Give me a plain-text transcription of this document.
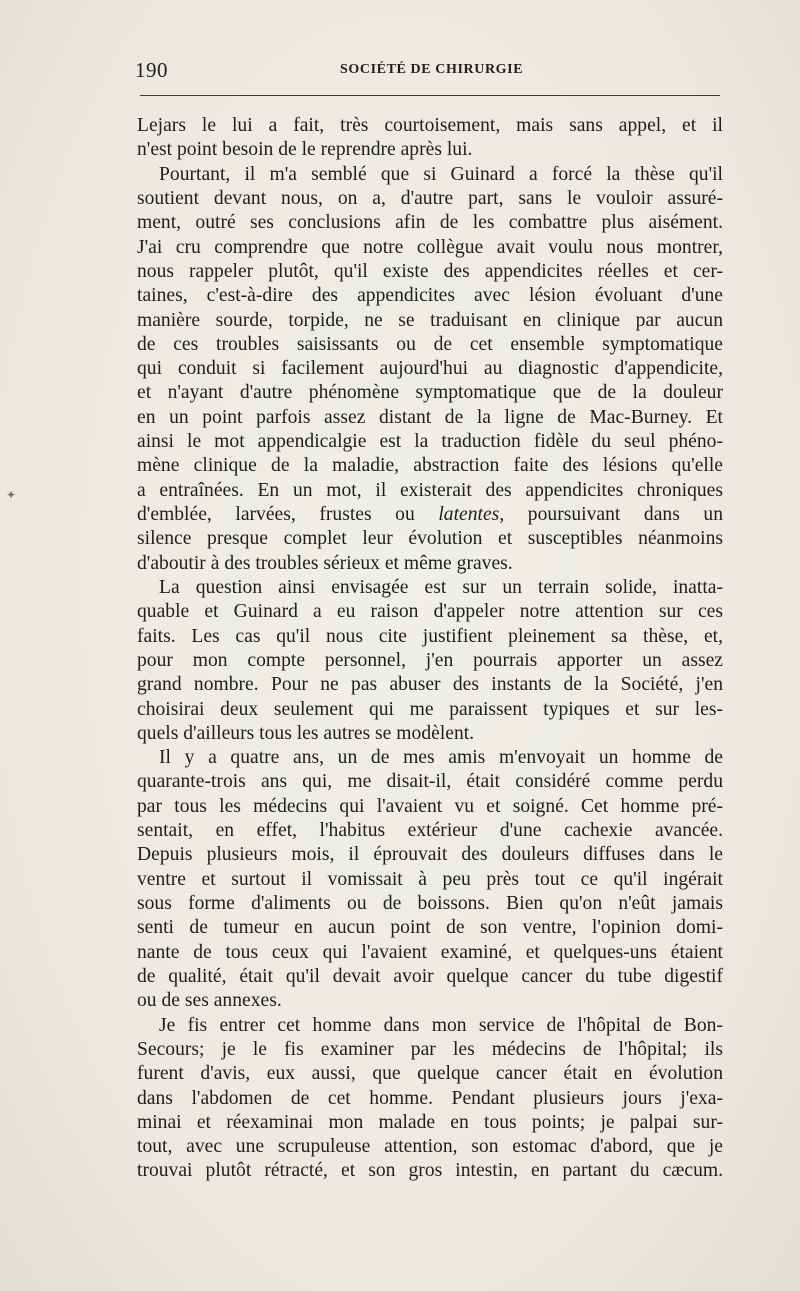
190	SOCIÉTÉ DE CHIRURGIE
Lejars le lui a fait, très courtoisement, mais sans appel, et il
n'est point besoin de le reprendre après lui.
Pourtant, il m'a semblé que si Guinard a forcé la thèse qu'il
soutient devant nous, on a, d'autre part, sans le vouloir assuré-
ment, outré ses conclusions afin de les combattre plus aisément.
J'ai cru comprendre que notre collègue avait voulu nous montrer,
nous rappeler plutôt, qu'il existe des appendicites réelles et cer-
taines, c'est-à-dire des appendicites avec lésion évoluant d'une
manière sourde, torpide, ne se traduisant en clinique par aucun
de ces troubles saisissants ou de cet ensemble symptomatique
qui conduit si facilement aujourd'hui au diagnostic d'appendicite,
et n'ayant d'autre phénomène symptomatique que de la douleur
en un point parfois assez distant de la ligne de Mac-Burney. Et
ainsi le mot appendicalgie est la traduction fidèle du seul phéno-
mène clinique de la maladie, abstraction faite des lésions qu'elle
a entraînées. En un mot, il existerait des appendicites chroniques
d'emblée, larvées, frustes ou latentes, poursuivant dans un
silence presque complet leur évolution et susceptibles néanmoins
d'aboutir à des troubles sérieux et même graves.
La question ainsi envisagée est sur un terrain solide, inatta-
quable et Guinard a eu raison d'appeler notre attention sur ces
faits. Les cas qu'il nous cite justifient pleinement sa thèse, et,
pour mon compte personnel, j'en pourrais apporter un assez
grand nombre. Pour ne pas abuser des instants de la Société, j'en
choisirai deux seulement qui me paraissent typiques et sur les-
quels d'ailleurs tous les autres se modèlent.
Il y a quatre ans, un de mes amis m'envoyait un homme de
quarante-trois ans qui, me disait-il, était considéré comme perdu
par tous les médecins qui l'avaient vu et soigné. Cet homme pré-
sentait, en effet, l'habitus extérieur d'une cachexie avancée.
Depuis plusieurs mois, il éprouvait des douleurs diffuses dans le
ventre et surtout il vomissait à peu près tout ce qu'il ingérait
sous forme d'aliments ou de boissons. Bien qu'on n'eût jamais
senti de tumeur en aucun point de son ventre, l'opinion domi-
nante de tous ceux qui l'avaient examiné, et quelques-uns étaient
de qualité, était qu'il devait avoir quelque cancer du tube digestif
ou de ses annexes.
Je fis entrer cet homme dans mon service de l'hôpital de Bon-
Secours; je le fis examiner par les médecins de l'hôpital; ils
furent d'avis, eux aussi, que quelque cancer était en évolution
dans l'abdomen de cet homme. Pendant plusieurs jours j'exa-
minai et réexaminai mon malade en tous points; je palpai sur-
tout, avec une scrupuleuse attention, son estomac d'abord, que je
trouvai plutôt rétracté, et son gros intestin, en partant du cæcum.
✦
